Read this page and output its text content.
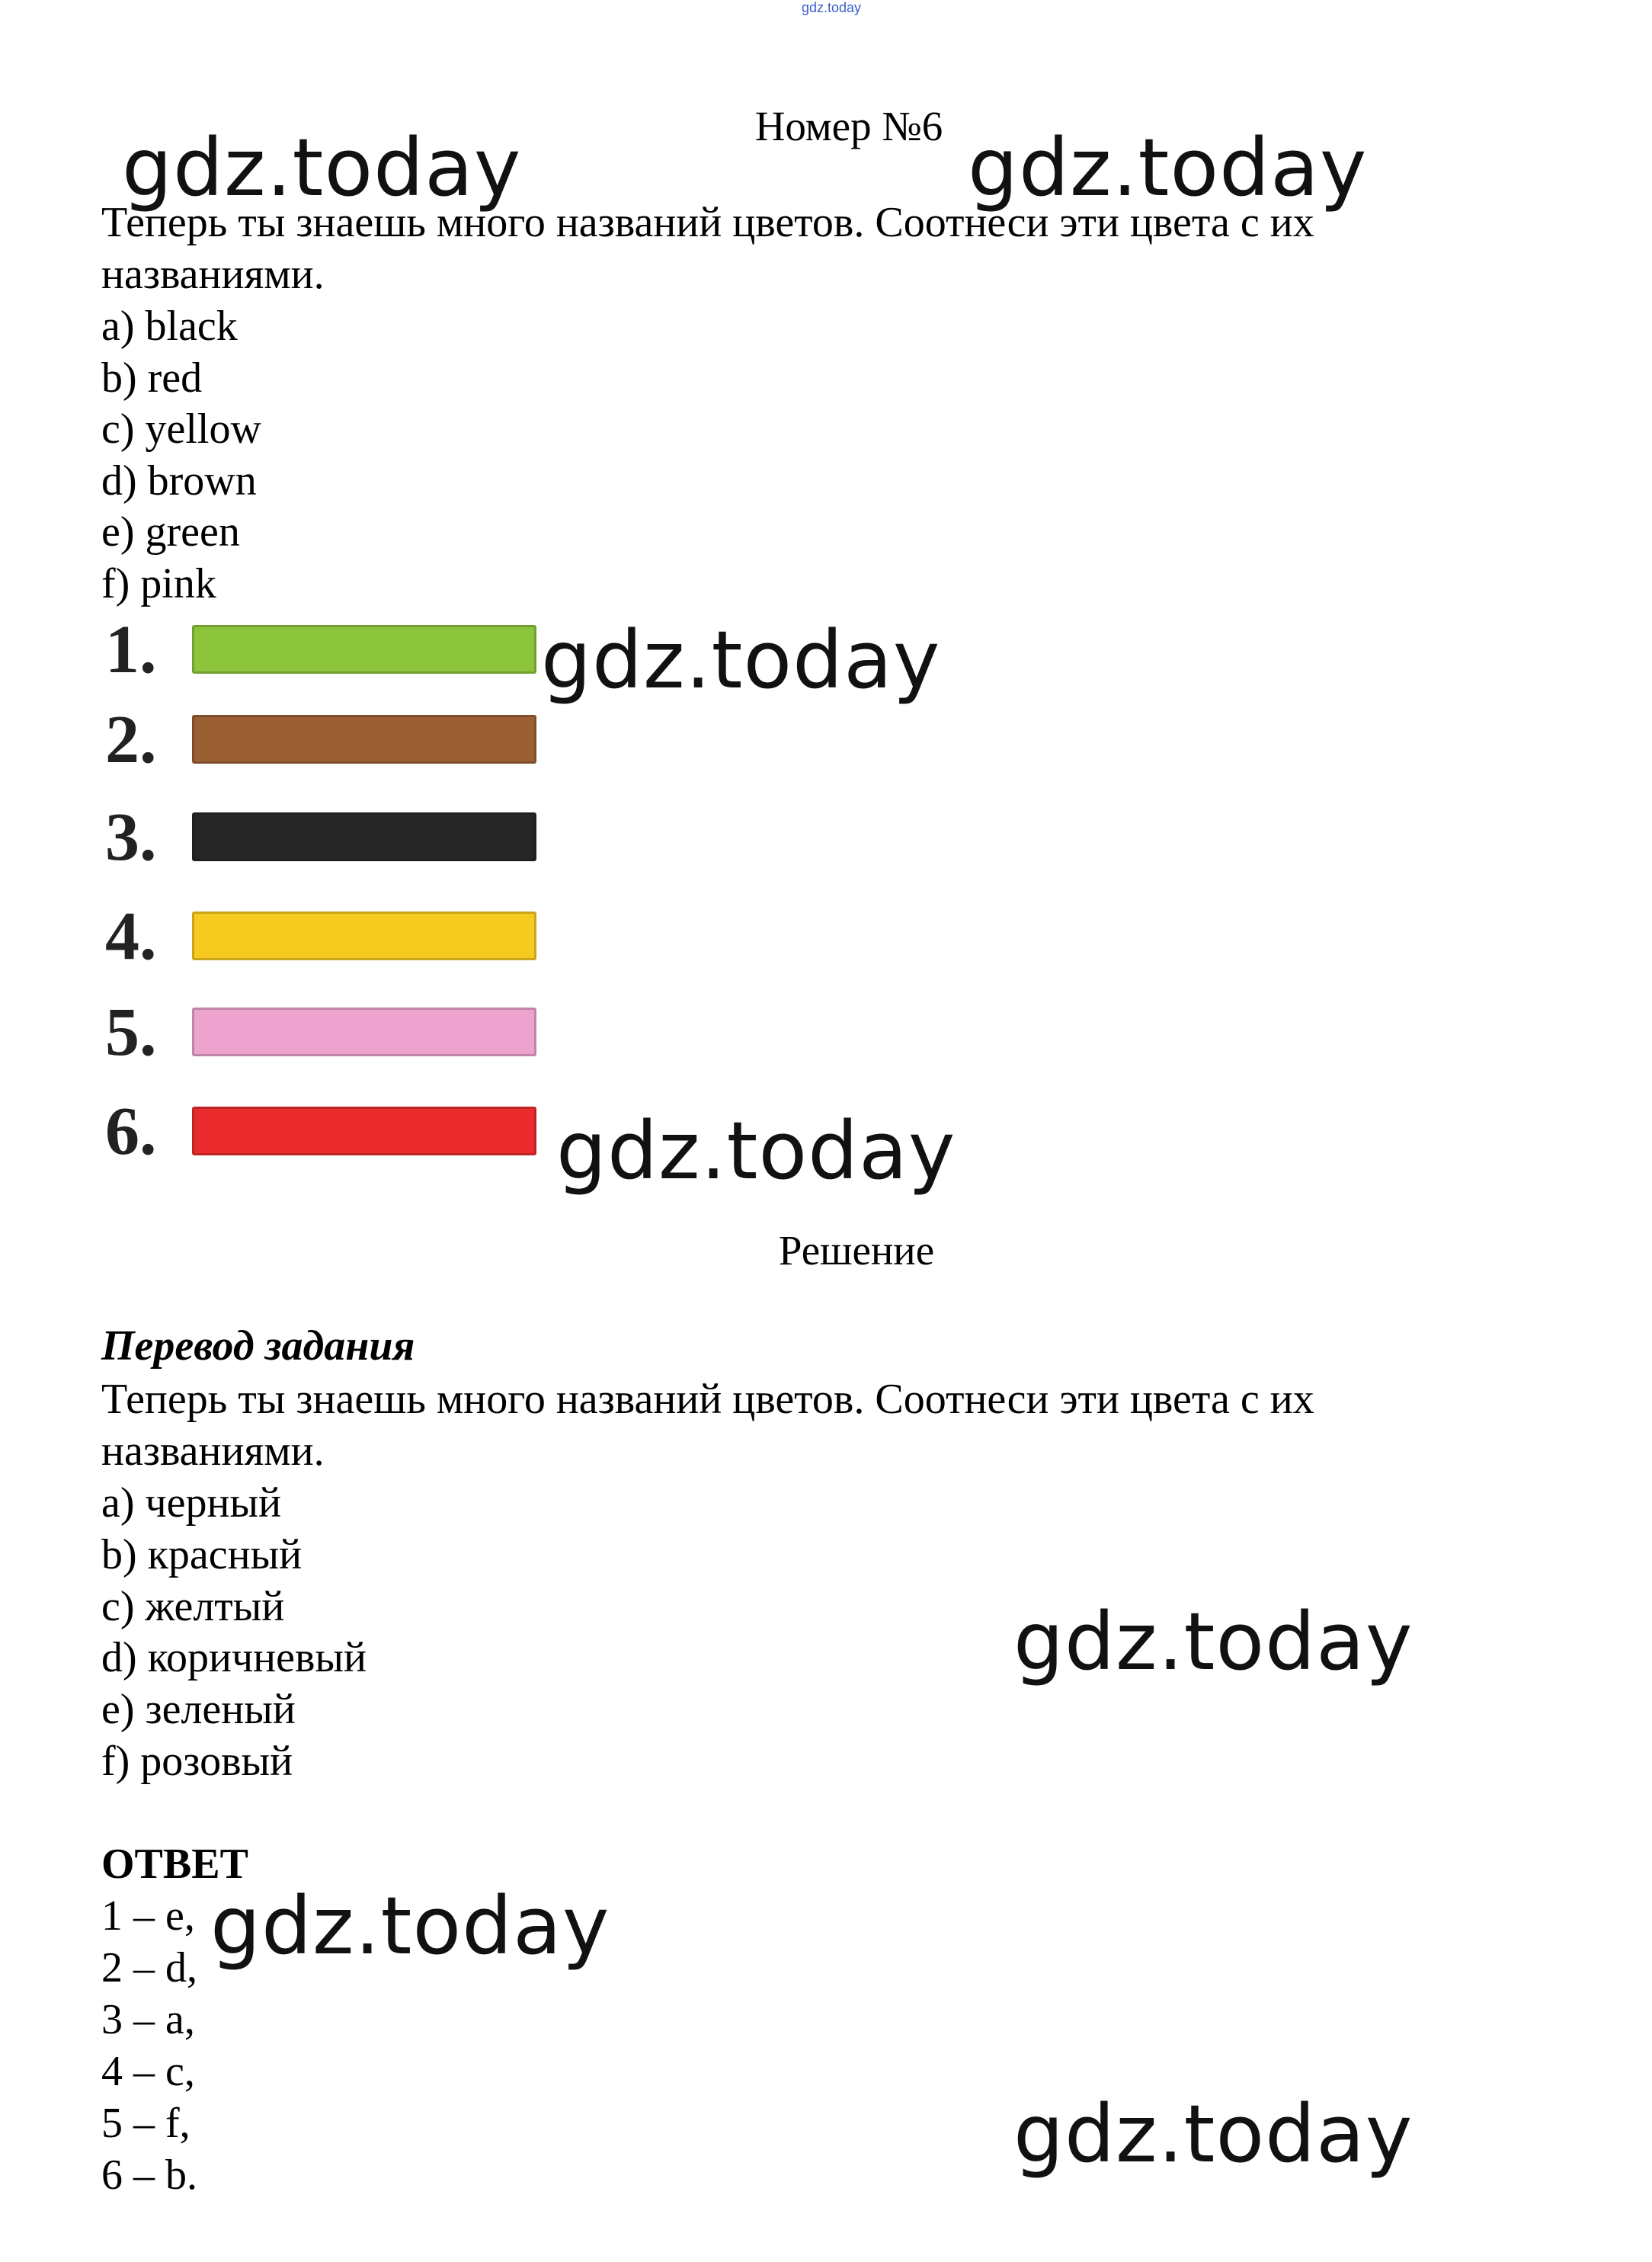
gdz.today
Номер №6
gdz.today	gdz.today
gdz.today
gdz.today
gdz.today
gdz.today
gdz.today
Теперь ты знаешь много названий цветов. Соотнеси эти цвета с их
названиями.
a) black
b) red
c) yellow
d) brown
e) green
f) pink
1.
2.
3.
4.
5.
6.
Решение
Перевод задания
Теперь ты знаешь много названий цветов. Соотнеси эти цвета с их
названиями.
a) черный
b) красный
c) желтый
d) коричневый
e) зеленый
f) розовый
ОТВЕТ
1 – e,
2 – d,
3 – a,
4 – c,
5 – f,
6 – b.
